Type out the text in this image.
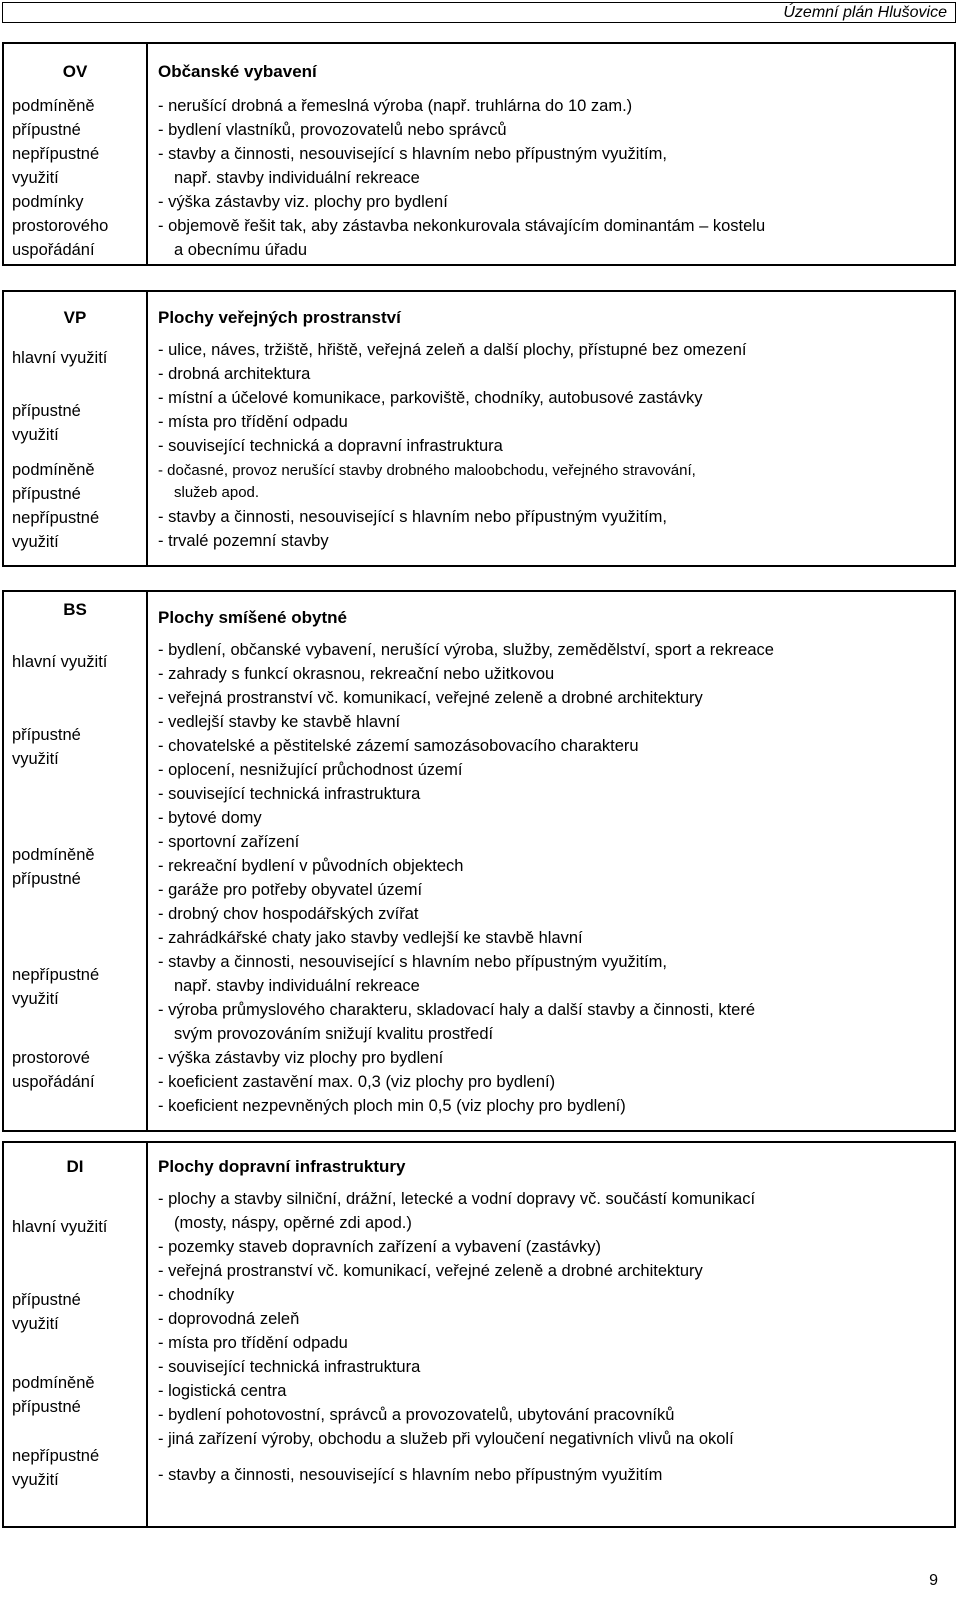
Územní plán Hlušovice
OV
podmíněně
přípustné
nepřípustné
využití
podmínky
prostorového
uspořádání
Občanské vybavení
- nerušící drobná a řemeslná výroba (např. truhlárna do 10 zam.)
- bydlení vlastníků, provozovatelů nebo správců
- stavby a činnosti, nesouvisející s hlavním nebo přípustným využitím,
např. stavby individuální rekreace
- výška zástavby viz. plochy pro bydlení
- objemově řešit tak, aby zástavba nekonkurovala stávajícím dominantám – kostelu
a obecnímu úřadu
VP
hlavní využití
přípustné
využití
podmíněně
přípustné
nepřípustné
využití
Plochy veřejných prostranství
- ulice, náves, tržiště, hřiště, veřejná zeleň a další plochy, přístupné bez omezení
- drobná architektura
- místní a účelové komunikace, parkoviště, chodníky, autobusové zastávky
- místa pro třídění odpadu
- související technická a dopravní infrastruktura
- dočasné, provoz nerušící stavby drobného maloobchodu, veřejného stravování,
služeb apod.
- stavby a činnosti, nesouvisející s hlavním nebo přípustným využitím,
- trvalé pozemní stavby
BS
hlavní využití
přípustné
využití
podmíněně
přípustné
nepřípustné
využití
prostorové
uspořádání
Plochy smíšené obytné
- bydlení, občanské vybavení, nerušící výroba, služby, zemědělství, sport a rekreace
- zahrady s funkcí okrasnou, rekreační nebo užitkovou
- veřejná prostranství vč. komunikací, veřejné zeleně a drobné architektury
- vedlejší stavby ke stavbě hlavní
- chovatelské a pěstitelské zázemí samozásobovacího charakteru
- oplocení, nesnižující průchodnost území
- související technická infrastruktura
- bytové domy
- sportovní zařízení
- rekreační bydlení v původních objektech
- garáže pro potřeby obyvatel území
- drobný chov hospodářských zvířat
- zahrádkářské chaty jako stavby vedlejší ke stavbě hlavní
- stavby a činnosti, nesouvisející s hlavním nebo přípustným využitím,
např. stavby individuální rekreace
- výroba průmyslového charakteru, skladovací haly a další stavby a činnosti, které
svým provozováním snižují kvalitu prostředí
- výška zástavby viz plochy pro bydlení
- koeficient zastavění max. 0,3 (viz plochy pro bydlení)
- koeficient nezpevněných ploch min 0,5 (viz plochy pro bydlení)
DI
hlavní využití
přípustné
využití
podmíněně
přípustné
nepřípustné
využití
Plochy dopravní infrastruktury
- plochy a stavby silniční, drážní, letecké a vodní dopravy vč. součástí komunikací
(mosty, náspy, opěrné zdi apod.)
- pozemky staveb dopravních zařízení a vybavení (zastávky)
- veřejná prostranství vč. komunikací, veřejné zeleně a drobné architektury
- chodníky
- doprovodná zeleň
- místa pro třídění odpadu
- související technická infrastruktura
- logistická centra
- bydlení pohotovostní, správců a provozovatelů, ubytování pracovníků
- jiná zařízení výroby, obchodu a služeb při vyloučení negativních vlivů na okolí
- stavby a činnosti, nesouvisející s hlavním nebo přípustným využitím
9
